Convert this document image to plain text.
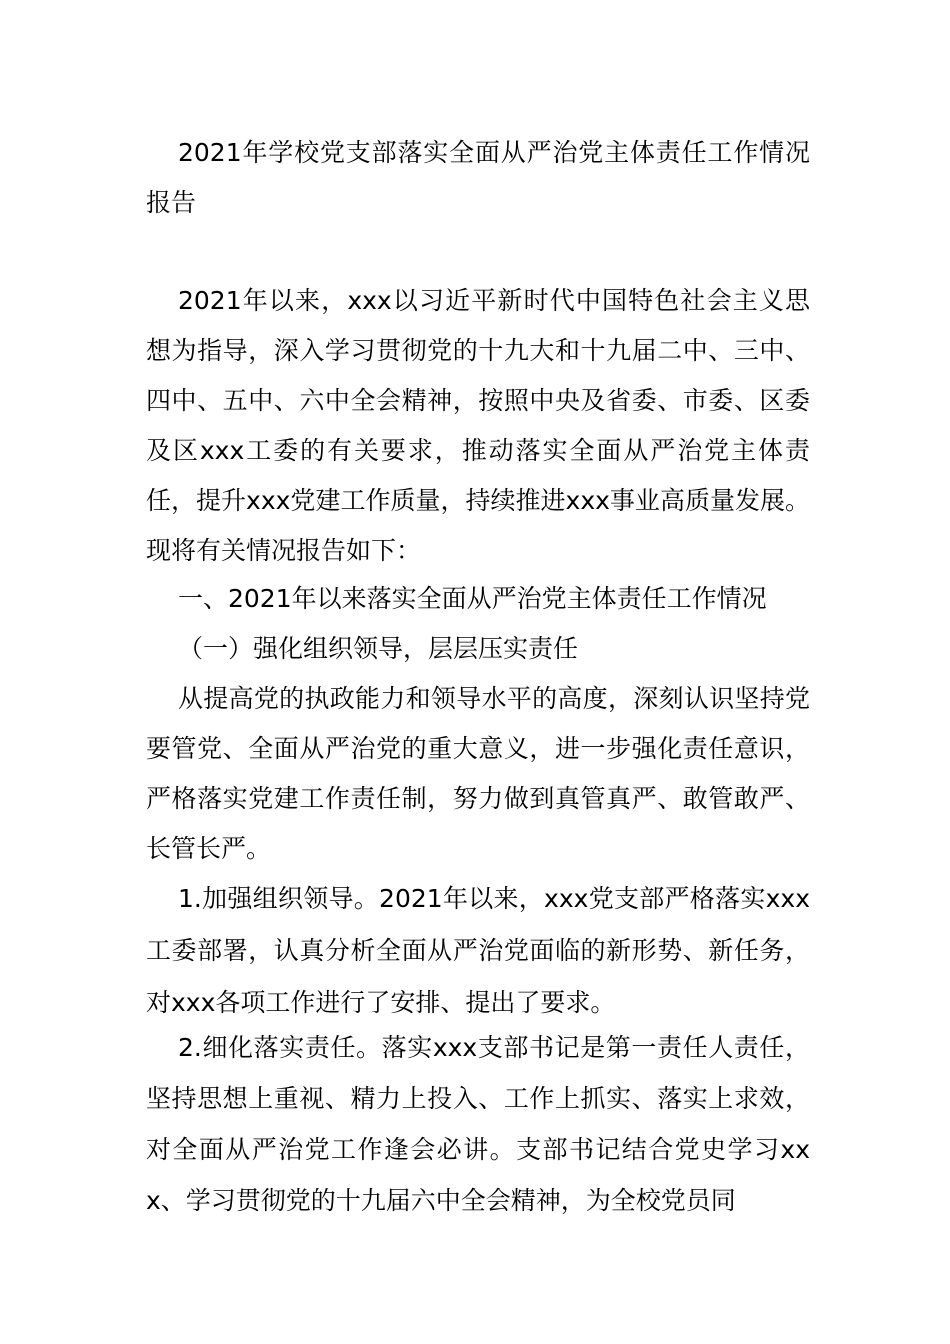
2021年学校党支部落实全面从严治党主体责任工作情况报告

2021年以来，xxx以习近平新时代中国特色社会主义思想为指导，深入学习贯彻党的十九大和十九届二中、三中、四中、五中、六中全会精神，按照中央及省委、市委、区委及区xxx工委的有关要求，推动落实全面从严治党主体责任，提升xxx党建工作质量，持续推进xxx事业高质量发展。现将有关情况报告如下：

一、2021年以来落实全面从严治党主体责任工作情况

（一）强化组织领导，层层压实责任

从提高党的执政能力和领导水平的高度，深刻认识坚持党要管党、全面从严治党的重大意义，进一步强化责任意识，严格落实党建工作责任制，努力做到真管真严、敢管敢严、长管长严。

1.加强组织领导。2021年以来，xxx党支部严格落实xxx工委部署，认真分析全面从严治党面临的新形势、新任务，对xxx各项工作进行了安排、提出了要求。

2.细化落实责任。落实xxx支部书记是第一责任人责任，坚持思想上重视、精力上投入、工作上抓实、落实上求效，对全面从严治党工作逢会必讲。支部书记结合党史学习xxx、学习贯彻党的十九届六中全会精神，为全校党员同
